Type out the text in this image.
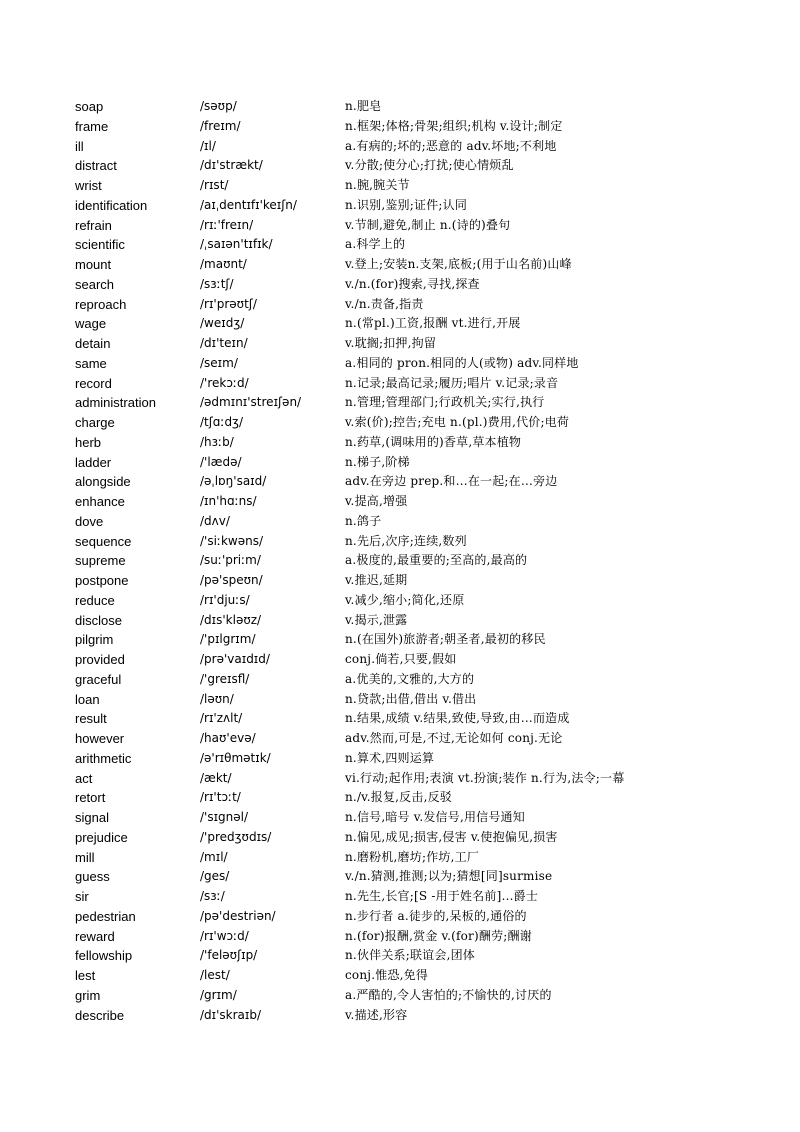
soap	/səʊp/	n.肥皂
frame	/freɪm/	n.框架;体格;骨架;组织;机构 v.设计;制定
ill	/ɪl/	a.有病的;坏的;恶意的 adv.坏地;不利地
distract	/dɪ'strækt/	v.分散;使分心;打扰;使心情烦乱
wrist	/rɪst/	n.腕,腕关节
identification	/aɪˌdentɪfɪ'keɪʃn/	n.识别,鉴别;证件;认同
refrain	/rɪː'freɪn/	v.节制,避免,制止 n.(诗的)叠句
scientific	/ˌsaɪən'tɪfɪk/	a.科学上的
mount	/maʊnt/	v.登上;安装n.支架,底板;(用于山名前)山峰
search	/sɜːtʃ/	v./n.(for)搜索,寻找,探查
reproach	/rɪ'prəʊtʃ/	v./n.责备,指责
wage	/weɪdʒ/	n.(常pl.)工资,报酬 vt.进行,开展
detain	/dɪ'teɪn/	v.耽搁;扣押,拘留
same	/seɪm/	a.相同的 pron.相同的人(或物) adv.同样地
record	/'rekɔːd/	n.记录;最高记录;履历;唱片 v.记录;录音
administration	/ədmɪnɪ'streɪʃən/	n.管理;管理部门;行政机关;实行,执行
charge	/tʃɑːdʒ/	v.索(价);控告;充电 n.(pl.)费用,代价;电荷
herb	/hɜːb/	n.药草,(调味用的)香草,草本植物
ladder	/'lædə/	n.梯子,阶梯
alongside	/əˌlɒŋ'saɪd/	adv.在旁边 prep.和…在一起;在…旁边
enhance	/ɪn'hɑːns/	v.提高,增强
dove	/dʌv/	n.鸽子
sequence	/'siːkwəns/	n.先后,次序;连续,数列
supreme	/suː'priːm/	a.极度的,最重要的;至高的,最高的
postpone	/pə'speʊn/	v.推迟,延期
reduce	/rɪ'djuːs/	v.减少,缩小;简化,还原
disclose	/dɪs'kləʊz/	v.揭示,泄露
pilgrim	/'pɪlgrɪm/	n.(在国外)旅游者;朝圣者,最初的移民
provided	/prə'vaɪdɪd/	conj.倘若,只要,假如
graceful	/'greɪsfl/	a.优美的,文雅的,大方的
loan	/ləʊn/	n.贷款;出借,借出 v.借出
result	/rɪ'zʌlt/	n.结果,成绩 v.结果,致使,导致,由…而造成
however	/haʊ'evə/	adv.然而,可是,不过,无论如何 conj.无论
arithmetic	/ə'rɪθmətɪk/	n.算术,四则运算
act	/ækt/	vi.行动;起作用;表演 vt.扮演;装作 n.行为,法令;一幕
retort	/rɪ'tɔːt/	n./v.报复,反击,反驳
signal	/'sɪgnəl/	n.信号,暗号 v.发信号,用信号通知
prejudice	/'predʒʊdɪs/	n.偏见,成见;损害,侵害 v.使抱偏见,损害
mill	/mɪl/	n.磨粉机,磨坊;作坊,工厂
guess	/ges/	v./n.猜测,推测;以为;猜想[同]surmise
sir	/sɜː/	n.先生,长官;[S -用于姓名前]…爵士
pedestrian	/pə'destriən/	n.步行者 a.徒步的,呆板的,通俗的
reward	/rɪ'wɔːd/	n.(for)报酬,赏金 v.(for)酬劳;酬谢
fellowship	/'feləʊʃɪp/	n.伙伴关系;联谊会,团体
lest	/lest/	conj.惟恐,免得
grim	/grɪm/	a.严酷的,令人害怕的;不愉快的,讨厌的
describe	/dɪ'skraɪb/	v.描述,形容
